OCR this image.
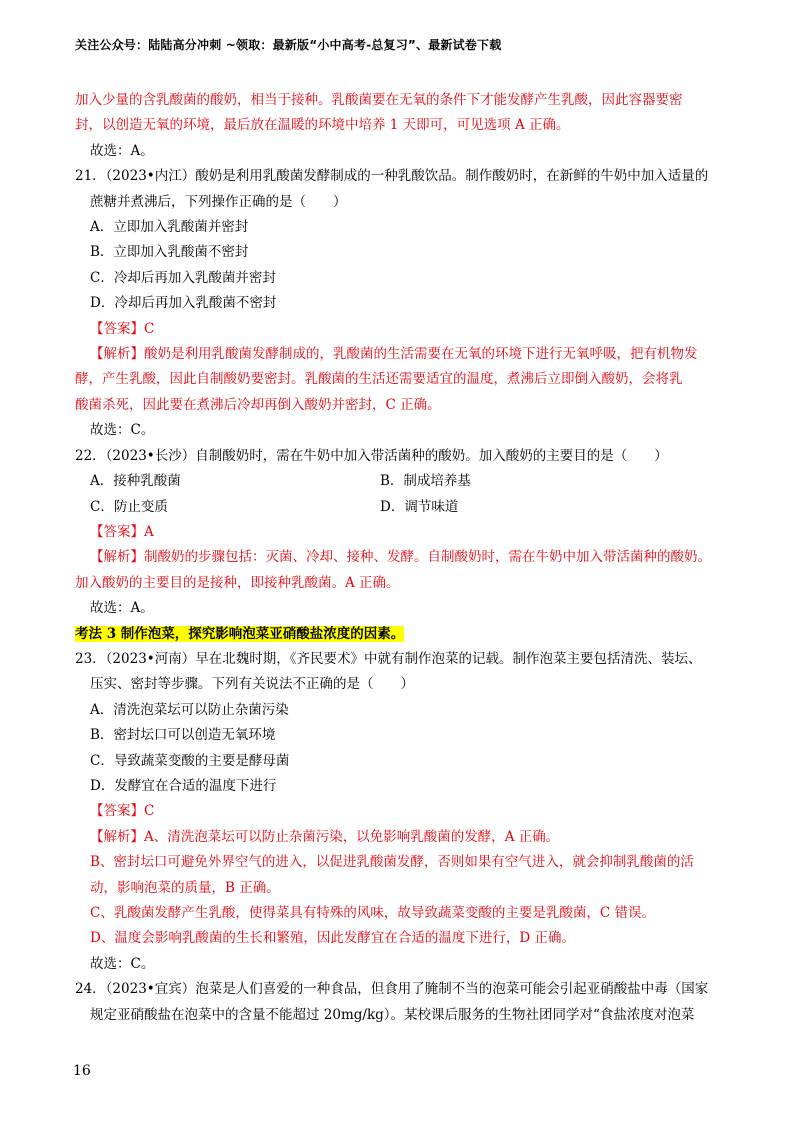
关注公众号：陆陆高分冲刺 ~领取：最新版“小中高考-总复习”、最新试卷下载
加入少量的含乳酸菌的酸奶，相当于接种。乳酸菌要在无氧的条件下才能发酵产生乳酸，因此容器要密
封，以创造无氧的环境，最后放在温暖的环境中培养 1 天即可，可见选项 A 正确。
故选：A。
21．（2023•内江）酸奶是利用乳酸菌发酵制成的一种乳酸饮品。制作酸奶时，在新鲜的牛奶中加入适量的
蔗糖并煮沸后，下列操作正确的是（　　）
A．立即加入乳酸菌并密封
B．立即加入乳酸菌不密封
C．冷却后再加入乳酸菌并密封
D．冷却后再加入乳酸菌不密封
【答案】C
【解析】酸奶是利用乳酸菌发酵制成的，乳酸菌的生活需要在无氧的环境下进行无氧呼吸，把有机物发
酵，产生乳酸，因此自制酸奶要密封。乳酸菌的生活还需要适宜的温度，煮沸后立即倒入酸奶，会将乳
酸菌杀死，因此要在煮沸后冷却再倒入酸奶并密封，C 正确。
故选：C。
22．（2023•长沙）自制酸奶时，需在牛奶中加入带活菌种的酸奶。加入酸奶的主要目的是（　　）
A．接种乳酸菌	B．制成培养基
C．防止变质	D．调节味道
【答案】A
【解析】制酸奶的步骤包括：灭菌、冷却、接种、发酵。自制酸奶时，需在牛奶中加入带活菌种的酸奶。
加入酸奶的主要目的是接种，即接种乳酸菌。A 正确。
故选：A。
考法 3 制作泡菜，探究影响泡菜亚硝酸盐浓度的因素。
23．（2023•河南）早在北魏时期，《齐民要术》中就有制作泡菜的记载。制作泡菜主要包括清洗、装坛、
压实、密封等步骤。下列有关说法不正确的是（　　）
A．清洗泡菜坛可以防止杂菌污染
B．密封坛口可以创造无氧环境
C．导致蔬菜变酸的主要是酵母菌
D．发酵宜在合适的温度下进行
【答案】C
【解析】A、清洗泡菜坛可以防止杂菌污染，以免影响乳酸菌的发酵，A 正确。
B、密封坛口可避免外界空气的进入，以促进乳酸菌发酵，否则如果有空气进入，就会抑制乳酸菌的活
动，影响泡菜的质量，B 正确。
C、乳酸菌发酵产生乳酸，使得菜具有特殊的风味，故导致蔬菜变酸的主要是乳酸菌，C 错误。
D、温度会影响乳酸菌的生长和繁殖，因此发酵宜在合适的温度下进行，D 正确。
故选：C。
24．（2023•宜宾）泡菜是人们喜爱的一种食品，但食用了腌制不当的泡菜可能会引起亚硝酸盐中毒（国家
规定亚硝酸盐在泡菜中的含量不能超过 20mg/kg）。某校课后服务的生物社团同学对“食盐浓度对泡菜
16
